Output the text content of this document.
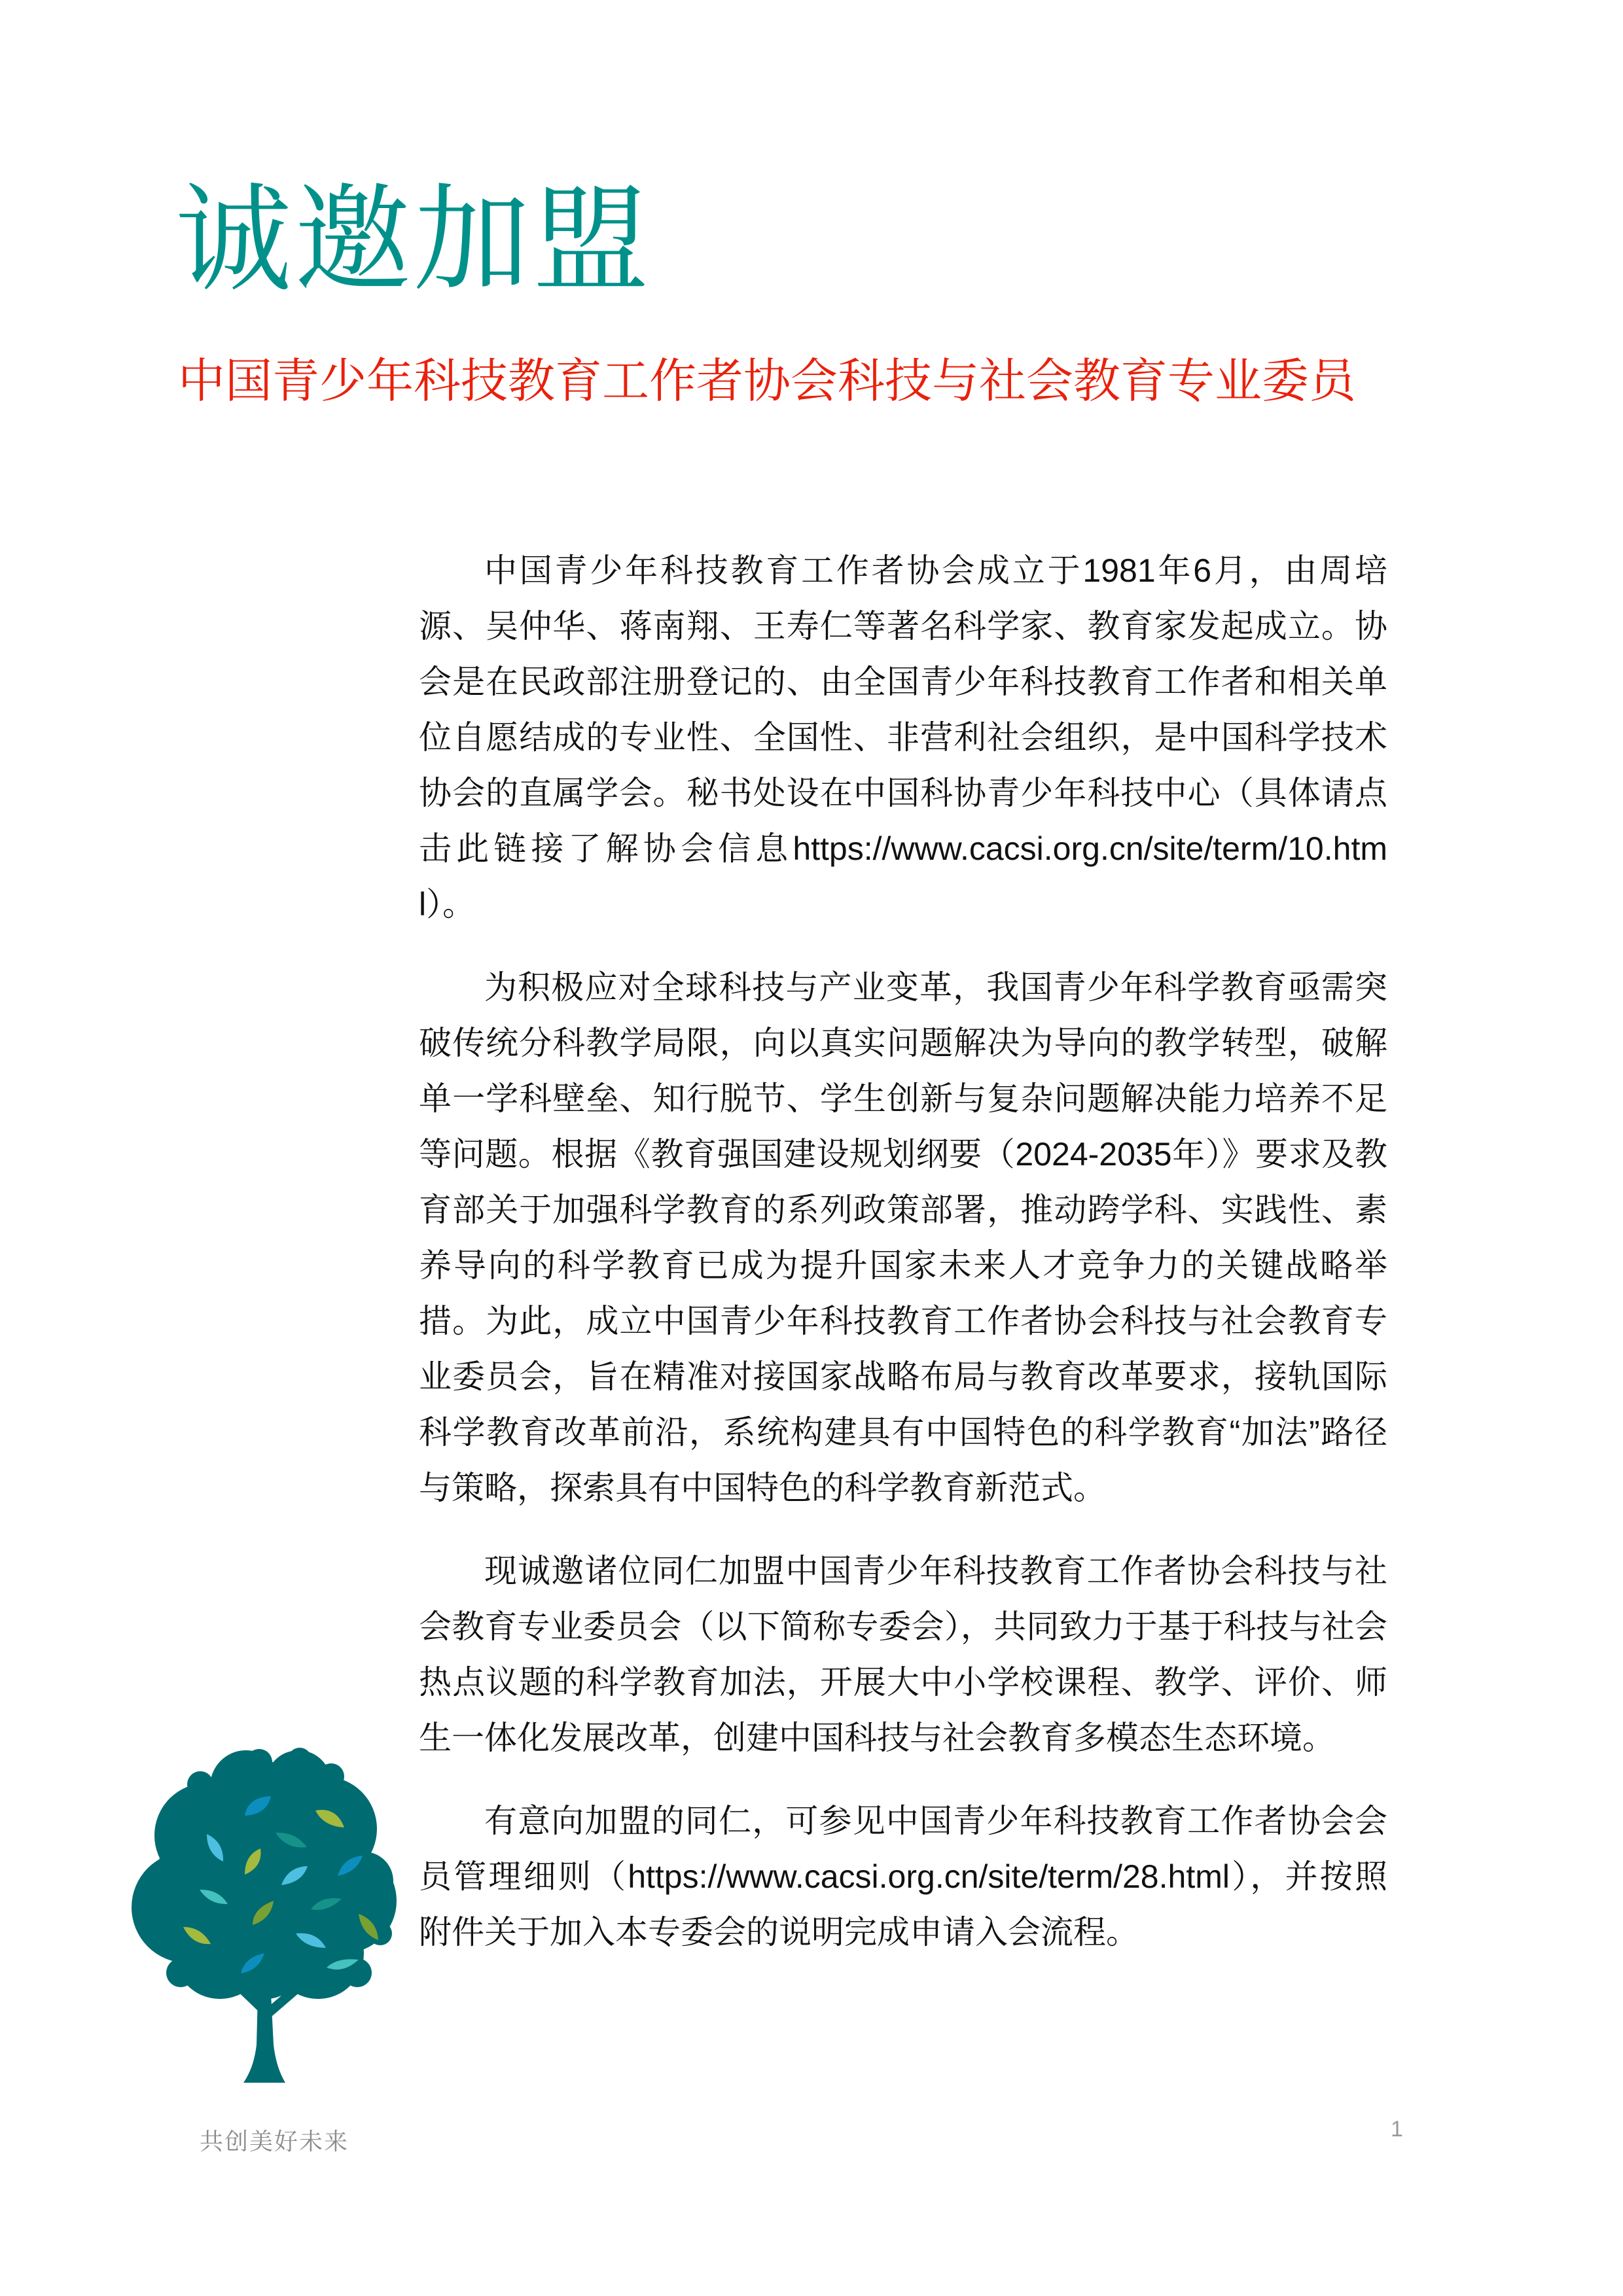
诚邀加盟
中国青少年科技教育工作者协会科技与社会教育专业委员

中国青少年科技教育工作者协会成立于1981年6月，由周培源、吴仲华、蒋南翔、王寿仁等著名科学家、教育家发起成立。协会是在民政部注册登记的、由全国青少年科技教育工作者和相关单位自愿结成的专业性、全国性、非营利社会组织，是中国科学技术协会的直属学会。秘书处设在中国科协青少年科技中心（具体请点击此链接了解协会信息https://www.cacsi.org.cn/site/term/10.html）。

为积极应对全球科技与产业变革，我国青少年科学教育亟需突破传统分科教学局限，向以真实问题解决为导向的教学转型，破解单一学科壁垒、知行脱节、学生创新与复杂问题解决能力培养不足等问题。根据《教育强国建设规划纲要（2024-2035年）》要求及教育部关于加强科学教育的系列政策部署，推动跨学科、实践性、素养导向的科学教育已成为提升国家未来人才竞争力的关键战略举措。为此，成立中国青少年科技教育工作者协会科技与社会教育专业委员会，旨在精准对接国家战略布局与教育改革要求，接轨国际科学教育改革前沿，系统构建具有中国特色的科学教育“加法”路径与策略，探索具有中国特色的科学教育新范式。

现诚邀诸位同仁加盟中国青少年科技教育工作者协会科技与社会教育专业委员会（以下简称专委会），共同致力于基于科技与社会热点议题的科学教育加法，开展大中小学校课程、教学、评价、师生一体化发展改革，创建中国科技与社会教育多模态生态环境。

有意向加盟的同仁，可参见中国青少年科技教育工作者协会会员管理细则（https://www.cacsi.org.cn/site/term/28.html），并按照附件关于加入本专委会的说明完成申请入会流程。

共创美好未来	1
